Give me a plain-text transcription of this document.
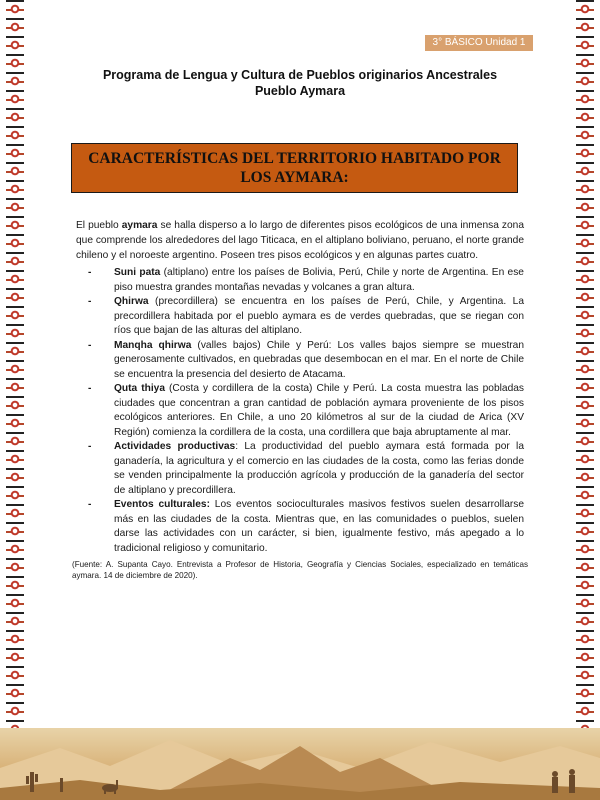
3° BÁSICO Unidad 1
Programa de Lengua y Cultura de Pueblos originarios Ancestrales
Pueblo Aymara
CARACTERÍSTICAS DEL TERRITORIO HABITADO POR LOS AYMARA:

El pueblo aymara se halla disperso a lo largo de diferentes pisos ecológicos de una inmensa zona que comprende los alrededores del lago Titicaca, en el altiplano boliviano, peruano, el norte grande chileno y el noroeste argentino. Poseen tres pisos ecológicos y en algunas partes cuatro.

- Suni pata (altiplano) entre los países de Bolivia, Perú, Chile y norte de Argentina. En ese piso muestra grandes montañas nevadas y volcanes a gran altura.
- Qhirwa (precordillera) se encuentra en los países de Perú, Chile, y Argentina. La precordillera habitada por el pueblo aymara es de verdes quebradas, que se riegan con ríos que bajan de las alturas del altiplano.
- Manqha qhirwa (valles bajos) Chile y Perú: Los valles bajos siempre se muestran generosamente cultivados, en quebradas que desembocan en el mar. En el norte de Chile se encuentra la presencia del desierto de Atacama.
- Quta thiya (Costa y cordillera de la costa) Chile y Perú. La costa muestra las pobladas ciudades que concentran a gran cantidad de población aymara proveniente de los pisos ecológicos anteriores. En Chile, a uno 20 kilómetros al sur de la ciudad de Arica (XV Región) comienza la cordillera de la costa, una cordillera que baja abruptamente al mar.
- Actividades productivas: La productividad del pueblo aymara está formada por la ganadería, la agricultura y el comercio en las ciudades de la costa, como las ferias donde se venden principalmente la producción agrícola y producción de la ganadería del sector de altiplano y precordillera.
- Eventos culturales: Los eventos socioculturales masivos festivos suelen desarrollarse más en las ciudades de la costa. Mientras que, en las comunidades o pueblos, suelen darse las actividades con un carácter, si bien, igualmente festivo, más apegado a lo tradicional religioso y comunitario.

(Fuente: A. Supanta Cayo. Entrevista a Profesor de Historia, Geografía y Ciencias Sociales, especializado en temáticas aymara. 14 de diciembre de 2020).
